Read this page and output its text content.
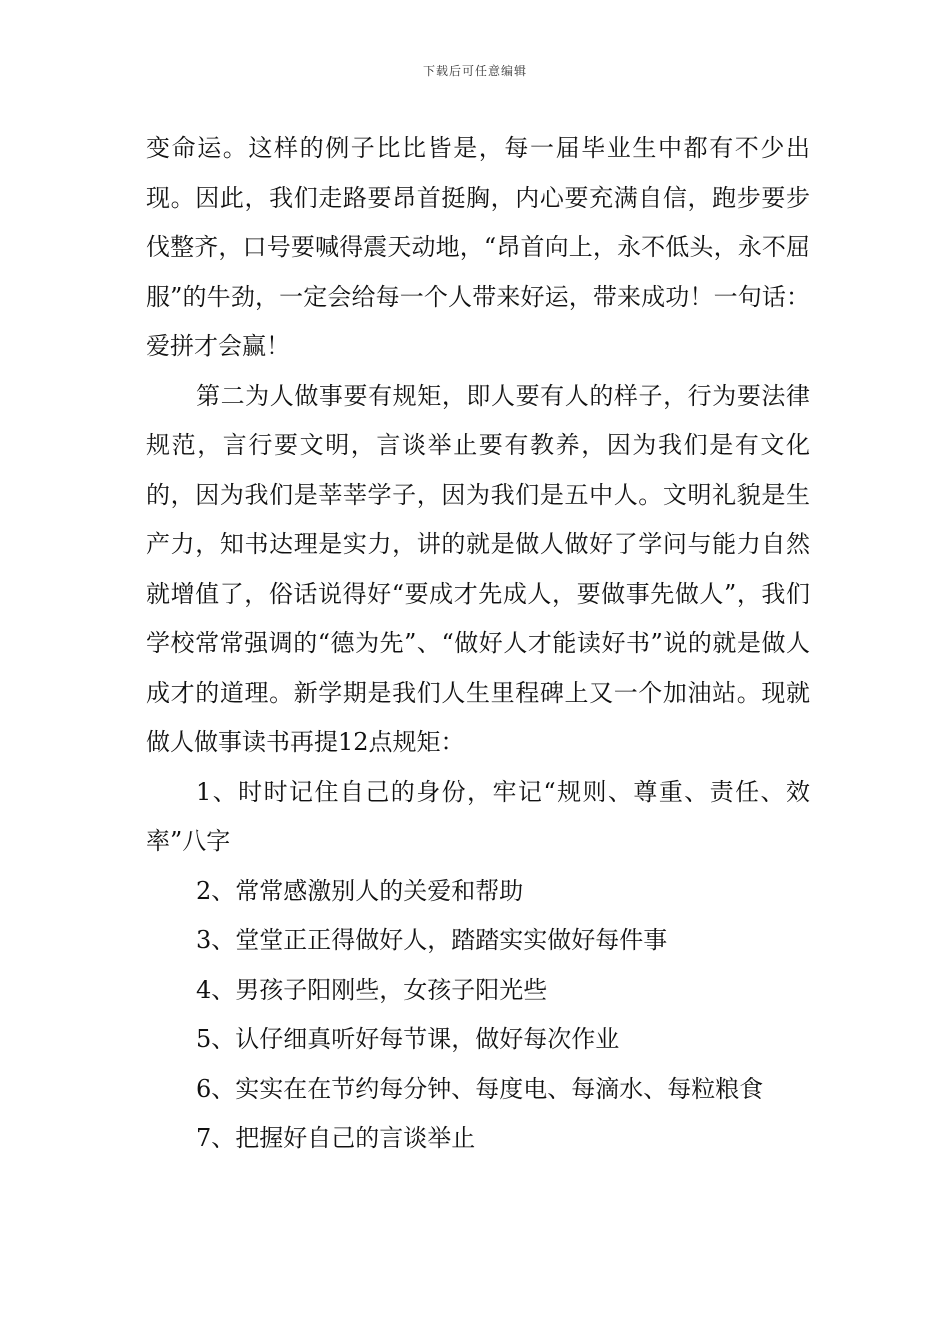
下载后可任意编辑

变命运。这样的例子比比皆是，每一届毕业生中都有不少出现。因此，我们走路要昂首挺胸，内心要充满自信，跑步要步伐整齐，口号要喊得震天动地，“昂首向上，永不低头，永不屈服”的牛劲，一定会给每一个人带来好运，带来成功！一句话：爱拼才会赢！

第二为人做事要有规矩，即人要有人的样子，行为要法律规范，言行要文明，言谈举止要有教养，因为我们是有文化的，因为我们是莘莘学子，因为我们是五中人。文明礼貌是生产力，知书达理是实力，讲的就是做人做好了学问与能力自然就增值了，俗话说得好“要成才先成人，要做事先做人”，我们学校常常强调的“德为先”、“做好人才能读好书”说的就是做人成才的道理。新学期是我们人生里程碑上又一个加油站。现就做人做事读书再提12点规矩：

1、时时记住自己的身份，牢记“规则、尊重、责任、效率”八字

2、常常感激别人的关爱和帮助

3、堂堂正正得做好人，踏踏实实做好每件事

4、男孩子阳刚些，女孩子阳光些

5、认仔细真听好每节课，做好每次作业

6、实实在在节约每分钟、每度电、每滴水、每粒粮食

7、把握好自己的言谈举止
